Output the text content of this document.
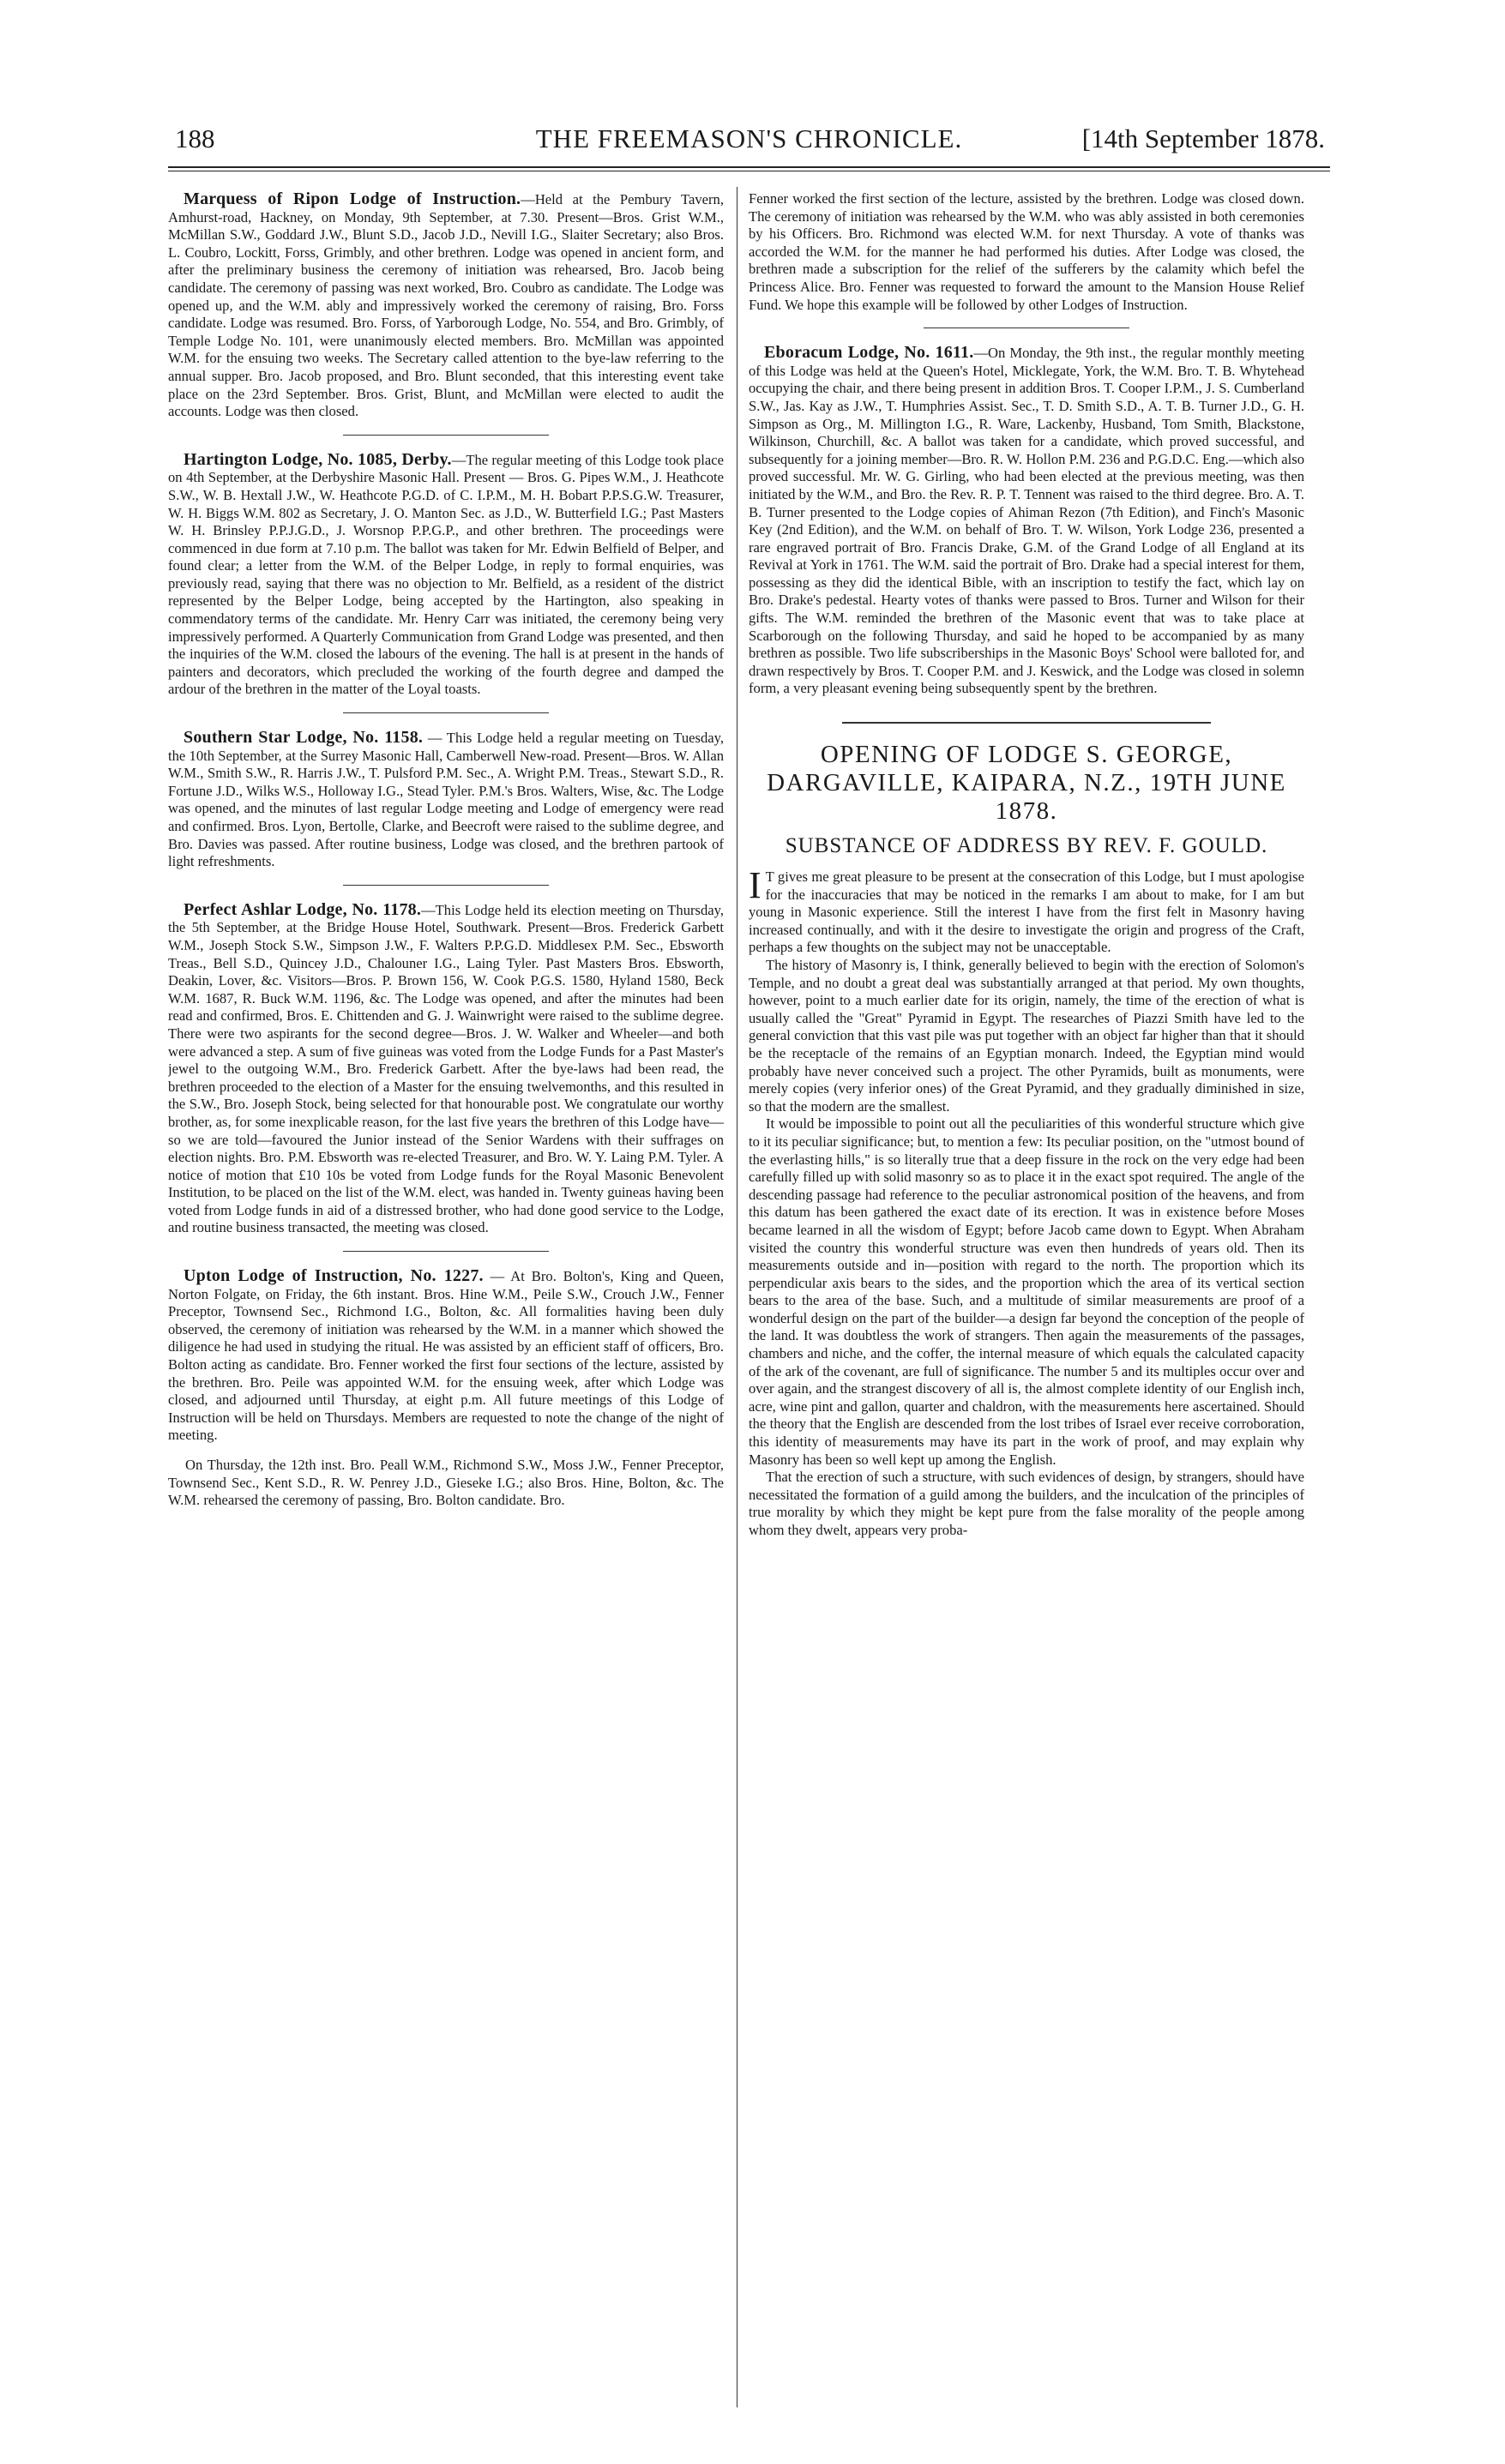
188	THE FREEMASON'S CHRONICLE.	[14th September 1878.

Marquess of Ripon Lodge of Instruction.—Held at the Pembury Tavern, Amhurst-road, Hackney, on Monday, 9th September, at 7.30. Present—Bros. Grist W.M., McMillan S.W., Goddard J.W., Blunt S.D., Jacob J.D., Nevill I.G., Slaiter Secretary; also Bros. L. Coubro, Lockitt, Forss, Grimbly, and other brethren. Lodge was opened in ancient form, and after the preliminary business the ceremony of initiation was rehearsed, Bro. Jacob being candidate. The ceremony of passing was next worked, Bro. Coubro as candidate. The Lodge was opened up, and the W.M. ably and impressively worked the ceremony of raising, Bro. Forss candidate. Lodge was resumed. Bro. Forss, of Yarborough Lodge, No. 554, and Bro. Grimbly, of Temple Lodge No. 101, were unanimously elected members. Bro. McMillan was appointed W.M. for the ensuing two weeks. The Secretary called attention to the bye-law referring to the annual supper. Bro. Jacob proposed, and Bro. Blunt seconded, that this interesting event take place on the 23rd September. Bros. Grist, Blunt, and McMillan were elected to audit the accounts. Lodge was then closed.

Hartington Lodge, No. 1085, Derby.—The regular meeting of this Lodge took place on 4th September, at the Derbyshire Masonic Hall. Present — Bros. G. Pipes W.M., J. Heathcote S.W., W. B. Hextall J.W., W. Heathcote P.G.D. of C. I.P.M., M. H. Bobart P.P.S.G.W. Treasurer, W. H. Biggs W.M. 802 as Secretary, J. O. Manton Sec. as J.D., W. Butterfield I.G.; Past Masters W. H. Brinsley P.P.J.G.D., J. Worsnop P.P.G.P., and other brethren. The proceedings were commenced in due form at 7.10 p.m. The ballot was taken for Mr. Edwin Belfield of Belper, and found clear; a letter from the W.M. of the Belper Lodge, in reply to formal enquiries, was previously read, saying that there was no objection to Mr. Belfield, as a resident of the district represented by the Belper Lodge, being accepted by the Hartington, also speaking in commendatory terms of the candidate. Mr. Henry Carr was initiated, the ceremony being very impressively performed. A Quarterly Communication from Grand Lodge was presented, and then the inquiries of the W.M. closed the labours of the evening. The hall is at present in the hands of painters and decorators, which precluded the working of the fourth degree and damped the ardour of the brethren in the matter of the Loyal toasts.

Southern Star Lodge, No. 1158. — This Lodge held a regular meeting on Tuesday, the 10th September, at the Surrey Masonic Hall, Camberwell New-road. Present—Bros. W. Allan W.M., Smith S.W., R. Harris J.W., T. Pulsford P.M. Sec., A. Wright P.M. Treas., Stewart S.D., R. Fortune J.D., Wilks W.S., Holloway I.G., Stead Tyler. P.M.'s Bros. Walters, Wise, &c. The Lodge was opened, and the minutes of last regular Lodge meeting and Lodge of emergency were read and confirmed. Bros. Lyon, Bertolle, Clarke, and Beecroft were raised to the sublime degree, and Bro. Davies was passed. After routine business, Lodge was closed, and the brethren partook of light refreshments.

Perfect Ashlar Lodge, No. 1178.—This Lodge held its election meeting on Thursday, the 5th September, at the Bridge House Hotel, Southwark. Present—Bros. Frederick Garbett W.M., Joseph Stock S.W., Simpson J.W., F. Walters P.P.G.D. Middlesex P.M. Sec., Ebsworth Treas., Bell S.D., Quincey J.D., Chalouner I.G., Laing Tyler. Past Masters Bros. Ebsworth, Deakin, Lover, &c. Visitors—Bros. P. Brown 156, W. Cook P.G.S. 1580, Hyland 1580, Beck W.M. 1687, R. Buck W.M. 1196, &c. The Lodge was opened, and after the minutes had been read and confirmed, Bros. E. Chittenden and G. J. Wainwright were raised to the sublime degree. There were two aspirants for the second degree—Bros. J. W. Walker and Wheeler—and both were advanced a step. A sum of five guineas was voted from the Lodge Funds for a Past Master's jewel to the outgoing W.M., Bro. Frederick Garbett. After the bye-laws had been read, the brethren proceeded to the election of a Master for the ensuing twelvemonths, and this resulted in the S.W., Bro. Joseph Stock, being selected for that honourable post. We congratulate our worthy brother, as, for some inexplicable reason, for the last five years the brethren of this Lodge have—so we are told—favoured the Junior instead of the Senior Wardens with their suffrages on election nights. Bro. P.M. Ebsworth was re-elected Treasurer, and Bro. W. Y. Laing P.M. Tyler. A notice of motion that £10 10s be voted from Lodge funds for the Royal Masonic Benevolent Institution, to be placed on the list of the W.M. elect, was handed in. Twenty guineas having been voted from Lodge funds in aid of a distressed brother, who had done good service to the Lodge, and routine business transacted, the meeting was closed.

Upton Lodge of Instruction, No. 1227. — At Bro. Bolton's, King and Queen, Norton Folgate, on Friday, the 6th instant. Bros. Hine W.M., Peile S.W., Crouch J.W., Fenner Preceptor, Townsend Sec., Richmond I.G., Bolton, &c. All formalities having been duly observed, the ceremony of initiation was rehearsed by the W.M. in a manner which showed the diligence he had used in studying the ritual. He was assisted by an efficient staff of officers, Bro. Bolton acting as candidate. Bro. Fenner worked the first four sections of the lecture, assisted by the brethren. Bro. Peile was appointed W.M. for the ensuing week, after which Lodge was closed, and adjourned until Thursday, at eight p.m. All future meetings of this Lodge of Instruction will be held on Thursdays. Members are requested to note the change of the night of meeting.

On Thursday, the 12th inst. Bro. Peall W.M., Richmond S.W., Moss J.W., Fenner Preceptor, Townsend Sec., Kent S.D., R. W. Penrey J.D., Gieseke I.G.; also Bros. Hine, Bolton, &c. The W.M. rehearsed the ceremony of passing, Bro. Bolton candidate. Bro.

Fenner worked the first section of the lecture, assisted by the brethren. Lodge was closed down. The ceremony of initiation was rehearsed by the W.M. who was ably assisted in both ceremonies by his Officers. Bro. Richmond was elected W.M. for next Thursday. A vote of thanks was accorded the W.M. for the manner he had performed his duties. After Lodge was closed, the brethren made a subscription for the relief of the sufferers by the calamity which befel the Princess Alice. Bro. Fenner was requested to forward the amount to the Mansion House Relief Fund. We hope this example will be followed by other Lodges of Instruction.

Eboracum Lodge, No. 1611.—On Monday, the 9th inst., the regular monthly meeting of this Lodge was held at the Queen's Hotel, Micklegate, York, the W.M. Bro. T. B. Whytehead occupying the chair, and there being present in addition Bros. T. Cooper I.P.M., J. S. Cumberland S.W., Jas. Kay as J.W., T. Humphries Assist. Sec., T. D. Smith S.D., A. T. B. Turner J.D., G. H. Simpson as Org., M. Millington I.G., R. Ware, Lackenby, Husband, Tom Smith, Blackstone, Wilkinson, Churchill, &c. A ballot was taken for a candidate, which proved successful, and subsequently for a joining member—Bro. R. W. Hollon P.M. 236 and P.G.D.C. Eng.—which also proved successful. Mr. W. G. Girling, who had been elected at the previous meeting, was then initiated by the W.M., and Bro. the Rev. R. P. T. Tennent was raised to the third degree. Bro. A. T. B. Turner presented to the Lodge copies of Ahiman Rezon (7th Edition), and Finch's Masonic Key (2nd Edition), and the W.M. on behalf of Bro. T. W. Wilson, York Lodge 236, presented a rare engraved portrait of Bro. Francis Drake, G.M. of the Grand Lodge of all England at its Revival at York in 1761. The W.M. said the portrait of Bro. Drake had a special interest for them, possessing as they did the identical Bible, with an inscription to testify the fact, which lay on Bro. Drake's pedestal. Hearty votes of thanks were passed to Bros. Turner and Wilson for their gifts. The W.M. reminded the brethren of the Masonic event that was to take place at Scarborough on the following Thursday, and said he hoped to be accompanied by as many brethren as possible. Two life subscriberships in the Masonic Boys' School were balloted for, and drawn respectively by Bros. T. Cooper P.M. and J. Keswick, and the Lodge was closed in solemn form, a very pleasant evening being subsequently spent by the brethren.

OPENING OF LODGE S. GEORGE, DARGAVILLE, KAIPARA, N.Z., 19TH JUNE 1878.
SUBSTANCE OF ADDRESS BY REV. F. GOULD.

I T gives me great pleasure to be present at the consecration of this Lodge, but I must apologise for the inaccuracies that may be noticed in the remarks I am about to make, for I am but young in Masonic experience. Still the interest I have from the first felt in Masonry having increased continually, and with it the desire to investigate the origin and progress of the Craft, perhaps a few thoughts on the subject may not be unacceptable.

The history of Masonry is, I think, generally believed to begin with the erection of Solomon's Temple, and no doubt a great deal was substantially arranged at that period. My own thoughts, however, point to a much earlier date for its origin, namely, the time of the erection of what is usually called the "Great" Pyramid in Egypt. The researches of Piazzi Smith have led to the general conviction that this vast pile was put together with an object far higher than that it should be the receptacle of the remains of an Egyptian monarch. Indeed, the Egyptian mind would probably have never conceived such a project. The other Pyramids, built as monuments, were merely copies (very inferior ones) of the Great Pyramid, and they gradually diminished in size, so that the modern are the smallest.

It would be impossible to point out all the peculiarities of this wonderful structure which give to it its peculiar significance; but, to mention a few: Its peculiar position, on the "utmost bound of the everlasting hills," is so literally true that a deep fissure in the rock on the very edge had been carefully filled up with solid masonry so as to place it in the exact spot required. The angle of the descending passage had reference to the peculiar astronomical position of the heavens, and from this datum has been gathered the exact date of its erection. It was in existence before Moses became learned in all the wisdom of Egypt; before Jacob came down to Egypt. When Abraham visited the country this wonderful structure was even then hundreds of years old. Then its measurements outside and in—position with regard to the north. The proportion which its perpendicular axis bears to the sides, and the proportion which the area of its vertical section bears to the area of the base. Such, and a multitude of similar measurements are proof of a wonderful design on the part of the builder—a design far beyond the conception of the people of the land. It was doubtless the work of strangers. Then again the measurements of the passages, chambers and niche, and the coffer, the internal measure of which equals the calculated capacity of the ark of the covenant, are full of significance. The number 5 and its multiples occur over and over again, and the strangest discovery of all is, the almost complete identity of our English inch, acre, wine pint and gallon, quarter and chaldron, with the measurements here ascertained. Should the theory that the English are descended from the lost tribes of Israel ever receive corroboration, this identity of measurements may have its part in the work of proof, and may explain why Masonry has been so well kept up among the English.

That the erection of such a structure, with such evidences of design, by strangers, should have necessitated the formation of a guild among the builders, and the inculcation of the principles of true morality by which they might be kept pure from the false morality of the people among whom they dwelt, appears very proba-
